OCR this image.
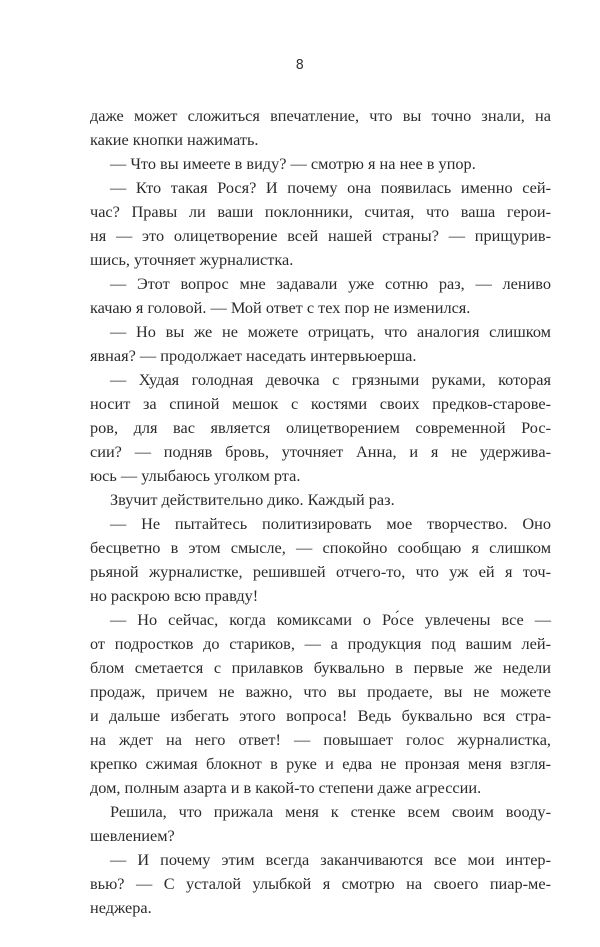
8
даже может сложиться впечатление, что вы точно знали, на
какие кнопки нажимать.
— Что вы имеете в виду? — смотрю я на нее в упор.
— Кто такая Рося? И почему она появилась именно сей-
час? Правы ли ваши поклонники, считая, что ваша герои-
ня — это олицетворение всей нашей страны? — прищурив-
шись, уточняет журналистка.
— Этот вопрос мне задавали уже сотню раз, — лениво
качаю я головой. — Мой ответ с тех пор не изменился.
— Но вы же не можете отрицать, что аналогия слишком
явная? — продолжает наседать интервьюерша.
— Худая голодная девочка с грязными руками, которая
носит за спиной мешок с костями своих предков-старове-
ров, для вас является олицетворением современной Рос-
сии? — подняв бровь, уточняет Анна, и я не удерживa-
юсь — улыбаюсь уголком рта.
Звучит действительно дико. Каждый раз.
— Не пытайтесь политизировать мое творчество. Оно
бесцветно в этом смысле, — спокойно сообщаю я слишком
рьяной журналистке, решившей отчего-то, что уж ей я точ-
но раскрою всю правду!
— Но сейчас, когда комиксами о Ро́се увлечены все —
от подростков до стариков, — а продукция под вашим лей-
блом сметается с прилавков буквально в первые же недели
продаж, причем не важно, что вы продаете, вы не можете
и дальше избегать этого вопроса! Ведь буквально вся стра-
на ждет на него ответ! — повышает голос журналистка,
крепко сжимая блокнот в руке и едва не пронзая меня взгля-
дом, полным азарта и в какой-то степени даже агрессии.
Решила, что прижала меня к стенке всем своим вооду-
шевлением?
— И почему этим всегда заканчиваются все мои интер-
вью? — С усталой улыбкой я смотрю на своего пиар-ме-
неджера.
